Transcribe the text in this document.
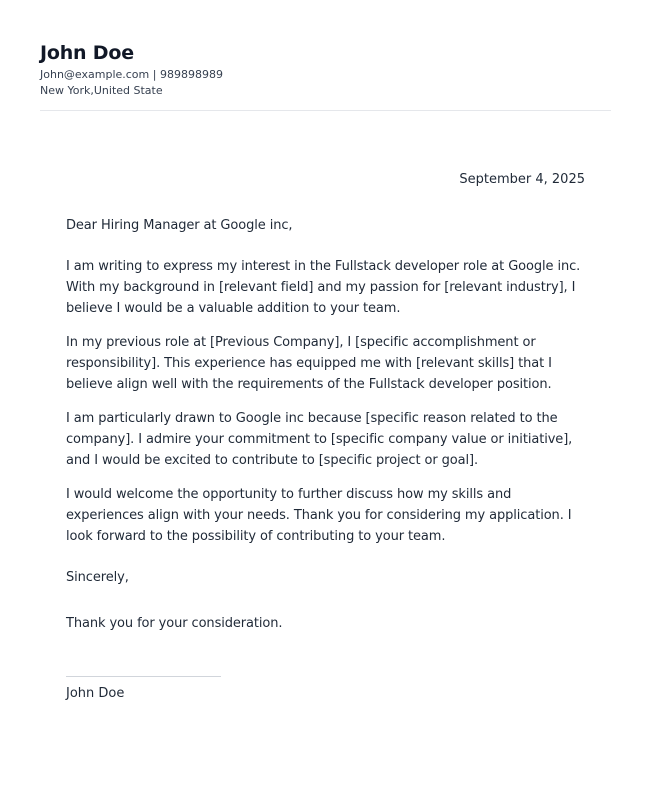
John Doe
John@example.com | 989898989
New York,United State
September 4, 2025

Dear Hiring Manager at Google inc,

I am writing to express my interest in the Fullstack developer role at Google inc. With my background in [relevant field] and my passion for [relevant industry], I believe I would be a valuable addition to your team.

In my previous role at [Previous Company], I [specific accomplishment or responsibility]. This experience has equipped me with [relevant skills] that I believe align well with the requirements of the Fullstack developer position.

I am particularly drawn to Google inc because [specific reason related to the company]. I admire your commitment to [specific company value or initiative], and I would be excited to contribute to [specific project or goal].

I would welcome the opportunity to further discuss how my skills and experiences align with your needs. Thank you for considering my application. I look forward to the possibility of contributing to your team.

Sincerely,

Thank you for your consideration.

John Doe
